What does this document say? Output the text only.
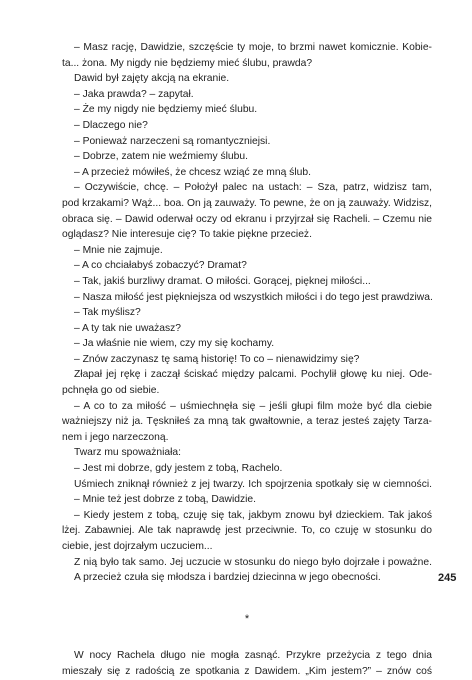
– Masz rację, Dawidzie, szczęście ty moje, to brzmi nawet komicznie. Kobie-
ta... żona. My nigdy nie będziemy mieć ślubu, prawda?
Dawid był zajęty akcją na ekranie.
– Jaka prawda? – zapytał.
– Że my nigdy nie będziemy mieć ślubu.
– Dlaczego nie?
– Ponieważ narzeczeni są romantyczniejsi.
– Dobrze, zatem nie weźmiemy ślubu.
– A przecież mówiłeś, że chcesz wziąć ze mną ślub.
– Oczywiście, chcę. – Położył palec na ustach: – Sza, patrz, widzisz tam,
pod krzakami? Wąż... boa. On ją zauważy. To pewne, że on ją zauważy. Widzisz,
obraca się. – Dawid oderwał oczy od ekranu i przyjrzał się Racheli. – Czemu nie
oglądasz? Nie interesuje cię? To takie piękne przecież.
– Mnie nie zajmuje.
– A co chciałabyś zobaczyć? Dramat?
– Tak, jakiś burzliwy dramat. O miłości. Gorącej, pięknej miłości...
– Nasza miłość jest piękniejsza od wszystkich miłości i do tego jest prawdziwa.
– Tak myślisz?
– A ty tak nie uważasz?
– Ja właśnie nie wiem, czy my się kochamy.
– Znów zaczynasz tę samą historię! To co – nienawidzimy się?
Złapał jej rękę i zaczął ściskać między palcami. Pochylił głowę ku niej. Ode-
pchnęła go od siebie.
– A co to za miłość – uśmiechnęła się – jeśli głupi film może być dla ciebie
ważniejszy niż ja. Tęskniłeś za mną tak gwałtownie, a teraz jesteś zajęty Tarza-
nem i jego narzeczoną.
Twarz mu spoważniała:
– Jest mi dobrze, gdy jestem z tobą, Rachelo.
Uśmiech zniknął również z jej twarzy. Ich spojrzenia spotkały się w ciemności.
– Mnie też jest dobrze z tobą, Dawidzie.
– Kiedy jestem z tobą, czuję się tak, jakbym znowu był dzieckiem. Tak jakoś
lżej. Zabawniej. Ale tak naprawdę jest przeciwnie. To, co czuję w stosunku do
ciebie, jest dojrzałym uczuciem...
Z nią było tak samo. Jej uczucie w stosunku do niego było dojrzałe i poważne.
A przecież czuła się młodsza i bardziej dziecinna w jego obecności.
*
W nocy Rachela długo nie mogła zasnąć. Przykre przeżycia z tego dnia
mieszały się z radością ze spotkania z Dawidem. „Kim jestem?” – znów coś
245
